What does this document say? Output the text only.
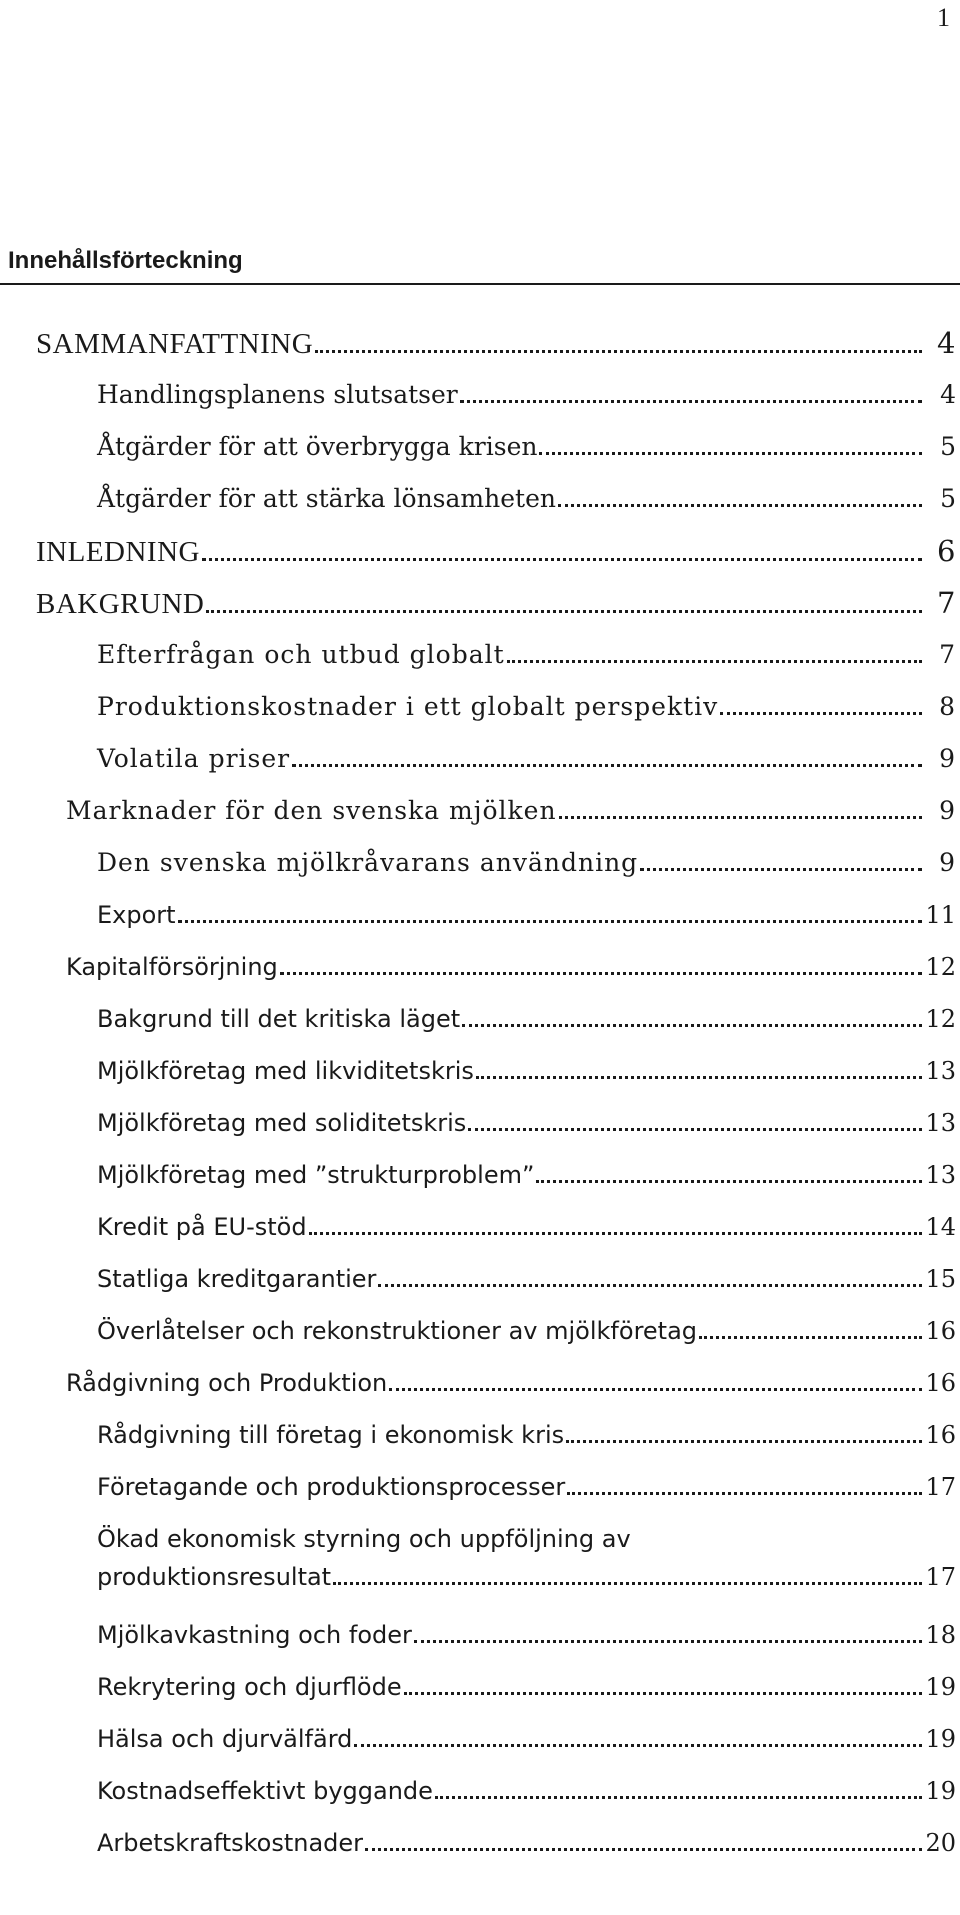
1
Innehållsförteckning
SAMMANFATTNING	4
Handlingsplanens slutsatser	4
Åtgärder för att överbrygga krisen	5
Åtgärder för att stärka lönsamheten	5
INLEDNING	6
BAKGRUND	7
Efterfrågan och utbud globalt	7
Produktionskostnader i ett globalt perspektiv	8
Volatila priser	9
Marknader för den svenska mjölken	9
Den svenska mjölkråvarans användning	9
Export	11
Kapitalförsörjning	12
Bakgrund till det kritiska läget	12
Mjölkföretag med likviditetskris	13
Mjölkföretag med soliditetskris	13
Mjölkföretag med ”strukturproblem”	13
Kredit på EU-stöd	14
Statliga kreditgarantier	15
Överlåtelser och rekonstruktioner av mjölkföretag	16
Rådgivning och Produktion	16
Rådgivning till företag i ekonomisk kris	16
Företagande och produktionsprocesser	17
Ökad ekonomisk styrning och uppföljning av
produktionsresultat	17
Mjölkavkastning och foder	18
Rekrytering och djurflöde	19
Hälsa och djurvälfärd	19
Kostnadseffektivt byggande	19
Arbetskraftskostnader	20
